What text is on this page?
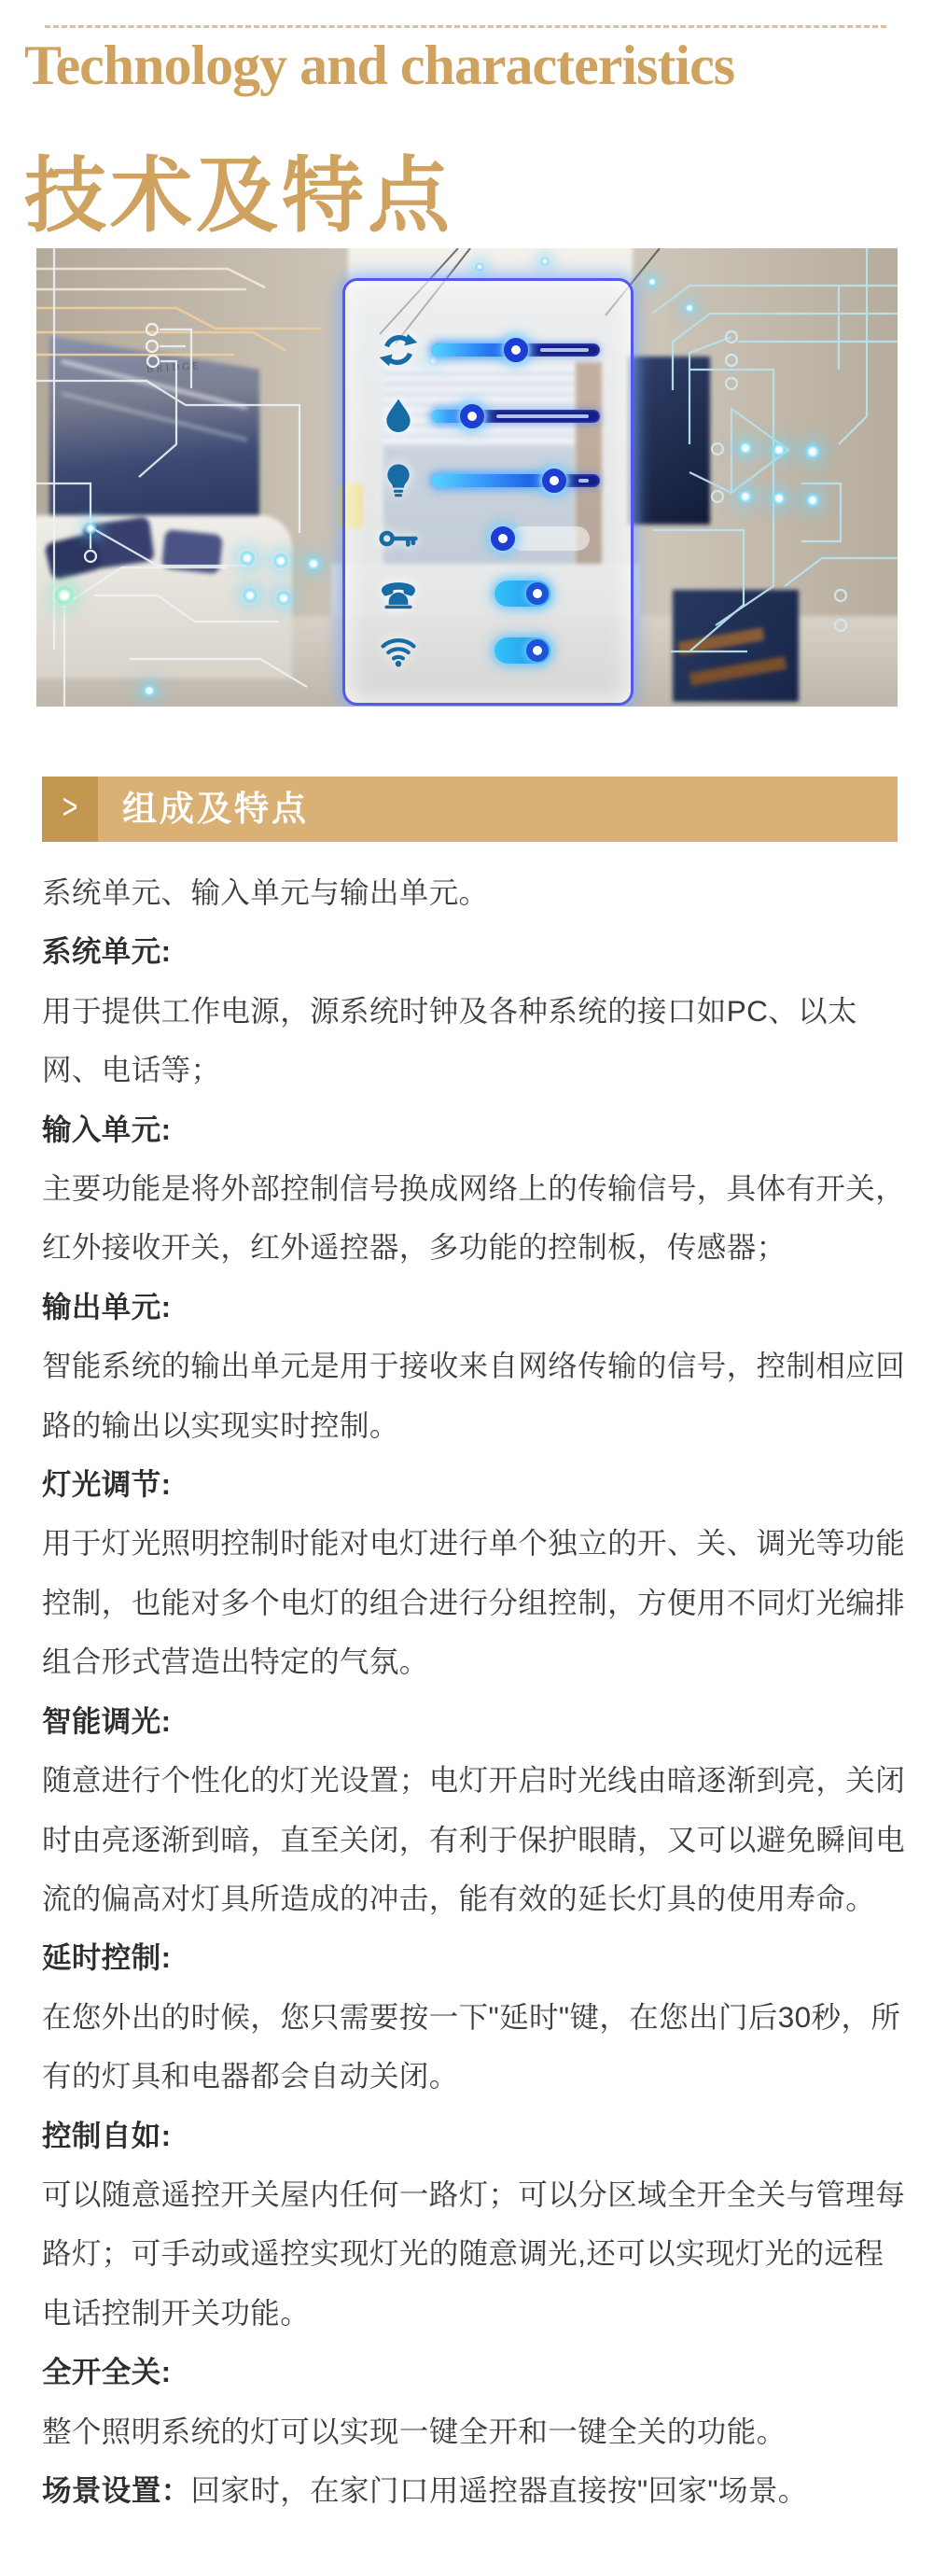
Technology and characteristics
技术及特点
BRIDGE
>	组成及特点
系统单元、输入单元与输出单元。
系统单元:
用于提供工作电源，源系统时钟及各种系统的接口如PC、以太
网、电话等；
输入单元:
主要功能是将外部控制信号换成网络上的传输信号，具体有开关，
红外接收开关，红外遥控器，多功能的控制板，传感器；
输出单元:
智能系统的输出单元是用于接收来自网络传输的信号，控制相应回
路的输出以实现实时控制。
灯光调节:
用于灯光照明控制时能对电灯进行单个独立的开、关、调光等功能
控制，也能对多个电灯的组合进行分组控制，方便用不同灯光编排
组合形式营造出特定的气氛。
智能调光:
随意进行个性化的灯光设置；电灯开启时光线由暗逐渐到亮，关闭
时由亮逐渐到暗，直至关闭，有利于保护眼睛，又可以避免瞬间电
流的偏高对灯具所造成的冲击，能有效的延长灯具的使用寿命。
延时控制:
在您外出的时候，您只需要按一下"延时"键，在您出门后30秒，所
有的灯具和电器都会自动关闭。
控制自如:
可以随意遥控开关屋内任何一路灯；可以分区域全开全关与管理每
路灯；可手动或遥控实现灯光的随意调光,还可以实现灯光的远程
电话控制开关功能。
全开全关:
整个照明系统的灯可以实现一键全开和一键全关的功能。
场景设置：回家时，在家门口用遥控器直接按"回家"场景。
